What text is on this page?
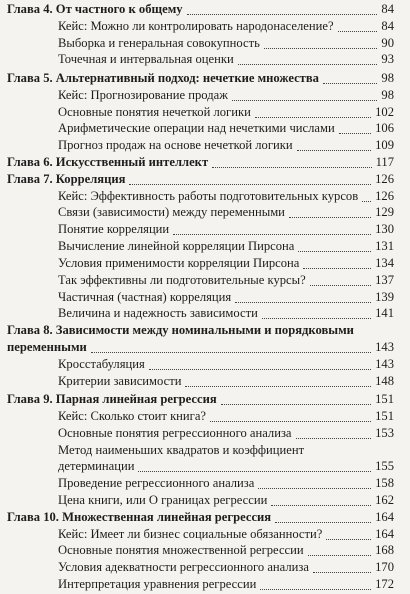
Глава 4. От частного к общему	84
Кейс: Можно ли контролировать народонаселение?	84
Выборка и генеральная совокупность	90
Точечная и интервальная оценки	93
Глава 5. Альтернативный подход: нечеткие множества	98
Кейс: Прогнозирование продаж	98
Основные понятия нечеткой логики	102
Арифметические операции над нечеткими числами	106
Прогноз продаж на основе нечеткой логики	109
Глава 6. Искусственный интеллект	117
Глава 7. Корреляция	126
Кейс: Эффективность работы подготовительных курсов 126
Связи (зависимости) между переменными	129
Понятие корреляции	130
Вычисление линейной корреляции Пирсона	131
Условия применимости корреляции Пирсона	134
Так эффективны ли подготовительные курсы?	137
Частичная (частная) корреляция	139
Величина и надежность зависимости	141
Глава 8. Зависимости между номинальными и порядковыми
переменными	143
Кросстабуляция	143
Критерии зависимости	148
Глава 9. Парная линейная регрессия	151
Кейс: Сколько стоит книга?	151
Основные понятия регрессионного анализа	153
Метод наименьших квадратов и коэффициент
детерминации	155
Проведение регрессионного анализа	158
Цена книги, или О границах регрессии	162
Глава 10. Множественная линейная регрессия	164
Кейс: Имеет ли бизнес социальные обязанности?	164
Основные понятия множественной регрессии	168
Условия адекватности регрессионного анализа	170
Интерпретация уравнения регрессии	172
